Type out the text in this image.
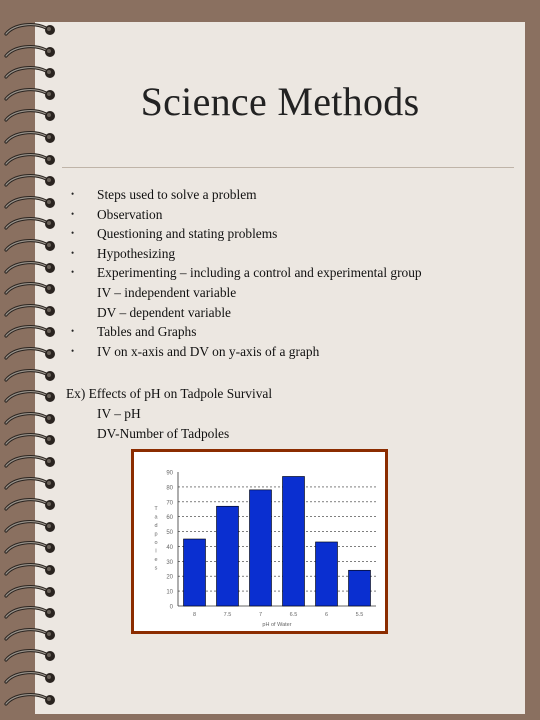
Science Methods
• Steps used to solve a problem
• Observation
• Questioning and stating problems
• Hypothesizing
• Experimenting – including a control and experimental group
IV – independent variable
DV – dependent variable
• Tables and Graphs
• IV on x-axis and DV on y-axis of a graph
Ex) Effects of pH on Tadpole Survival
IV – pH
DV-Number of Tadpoles
0
10
20
30
40
50
60
70
80
90
8	7.5	7	6.5	6	5.5
pH of Water
T a d p o l e s
